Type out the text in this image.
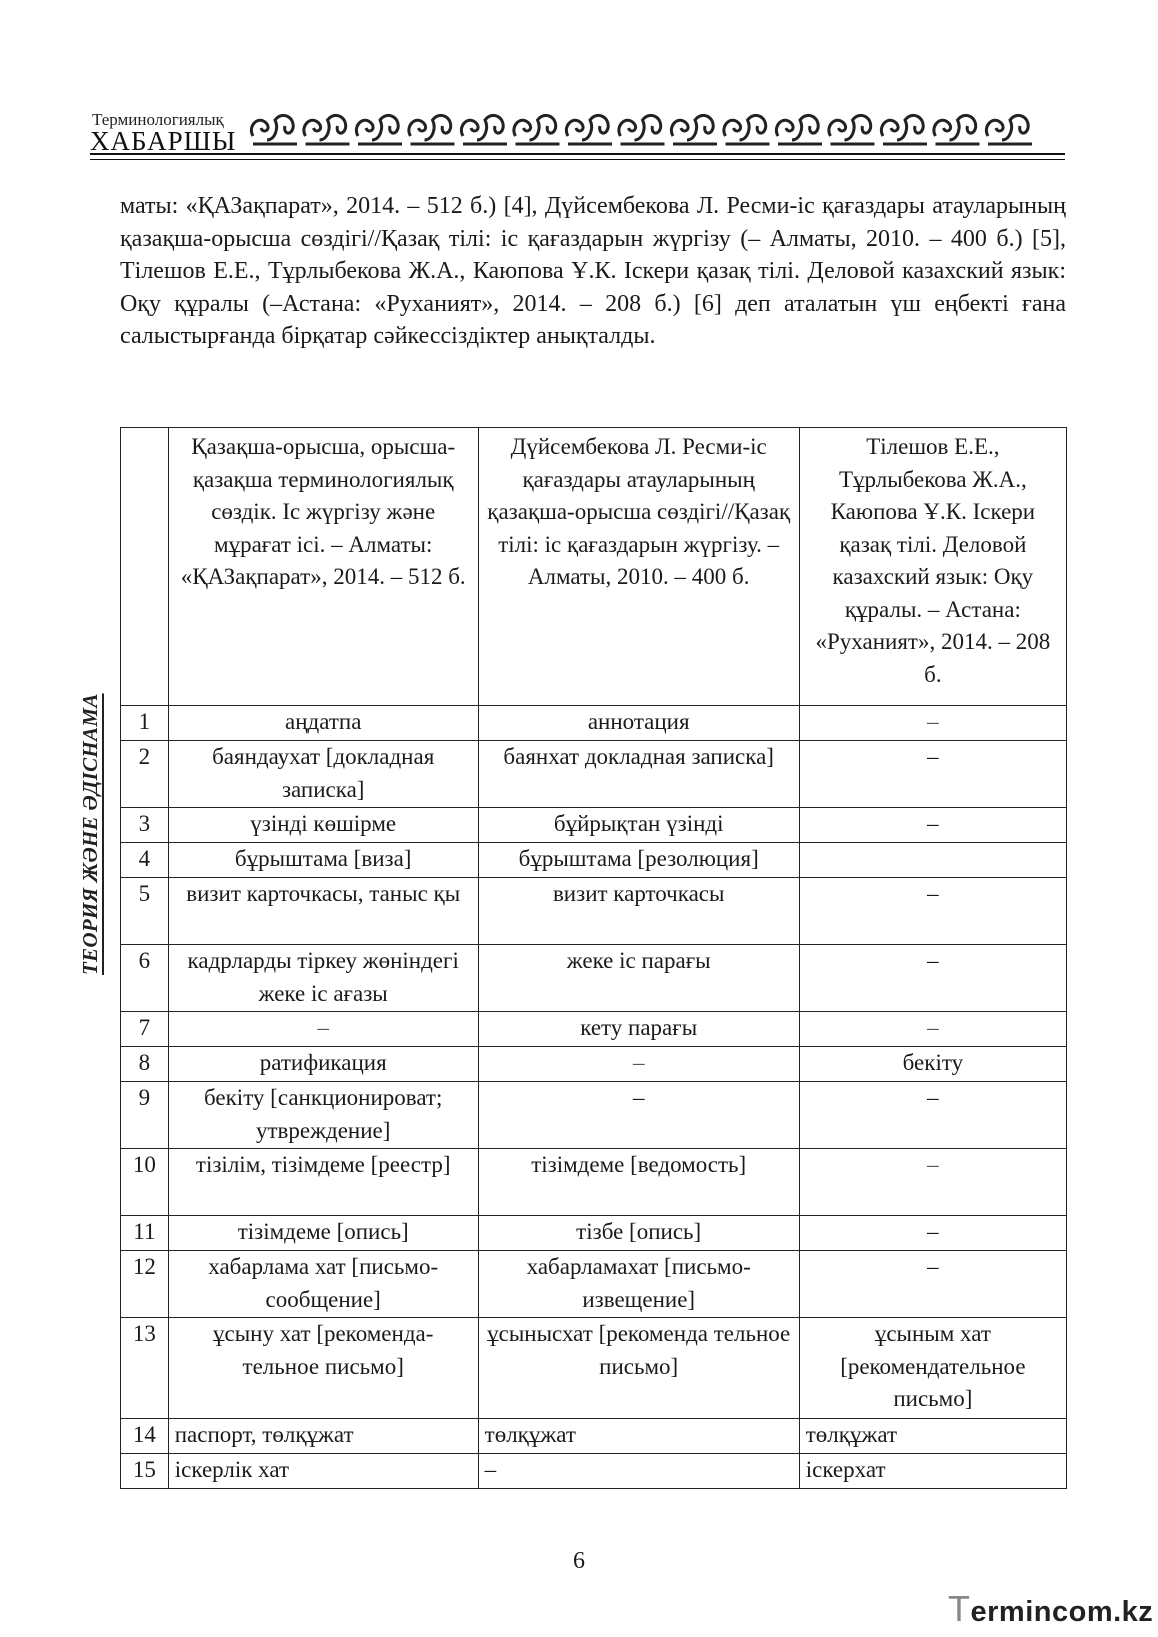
Терминологиялық
ХАБАРШЫ
маты: «ҚАЗақпарат», 2014. – 512 б.) [4], Дүйсембекова Л. Ресми-іс қағаздары атауларының қазақша-орысша сөздігі//Қазақ тілі: іс қағаздарын жүргізу (– Алматы, 2010. – 400 б.) [5], Тілешов Е.Е., Тұрлыбекова Ж.А., Каюпова Ұ.К. Іскери қазақ тілі. Деловой казахский язык: Оқу құралы (–Астана: «Руханият», 2014. – 208 б.) [6] деп аталатын үш еңбекті ғана салыстырғанда бірқатар сәйкессіздіктер анықталды.
ТЕОРИЯ ЖӘНЕ ӘДІСНАМА
	Қазақша-орысша, орысша-қазақша терминологиялық сөздік. Іс жүргізу және мұрағат ісі. – Алматы: «ҚАЗақпарат», 2014. – 512 б.	Дүйсембекова Л. Ресми-іс қағаздары атауларының қазақша-орысша сөздігі//Қазақ тілі: іс қағаздарын жүргізу. – Алматы, 2010. – 400 б.	Тілешов Е.Е., Тұрлыбекова Ж.А., Каюпова Ұ.К. Іскери қазақ тілі. Деловой казахский язык: Оқу құралы. – Астана: «Руханият», 2014. – 208 б.
1	аңдатпа	аннотация	–
2	баяндаухат [докладная записка]	баянхат докладная записка]	–
3	үзінді көшірме	бұйрықтан үзінді	–
4	бұрыштама [виза]	бұрыштама [резолюция]	
5	визит карточкасы, таныс қы	визит карточкасы	–
6	кадрларды тіркеу жөніндегі жеке іс ағазы	жеке іс парағы	–
7	–	кету парағы	–
8	ратификация	–	бекіту
9	бекіту [санкционироват; утврeждение]	–	–
10	тізілім, тізімдеме [реестр]	тізімдеме [ведомость]	–
11	тізімдеме [опись]	тізбе [опись]	–
12	хабарлама хат [письмо-сообщение]	хабарламахат [письмо-извещение]	–
13	ұсыну хат [рекоменда-тельное письмо]	ұсынысхат [рекоменда тельное письмо]	ұсыным хат [рекомендательное письмо]
14	паспорт, төлқұжат	төлқұжат	төлқұжат
15	іскерлік хат	–	іскерхат
6
Termincom.kz
